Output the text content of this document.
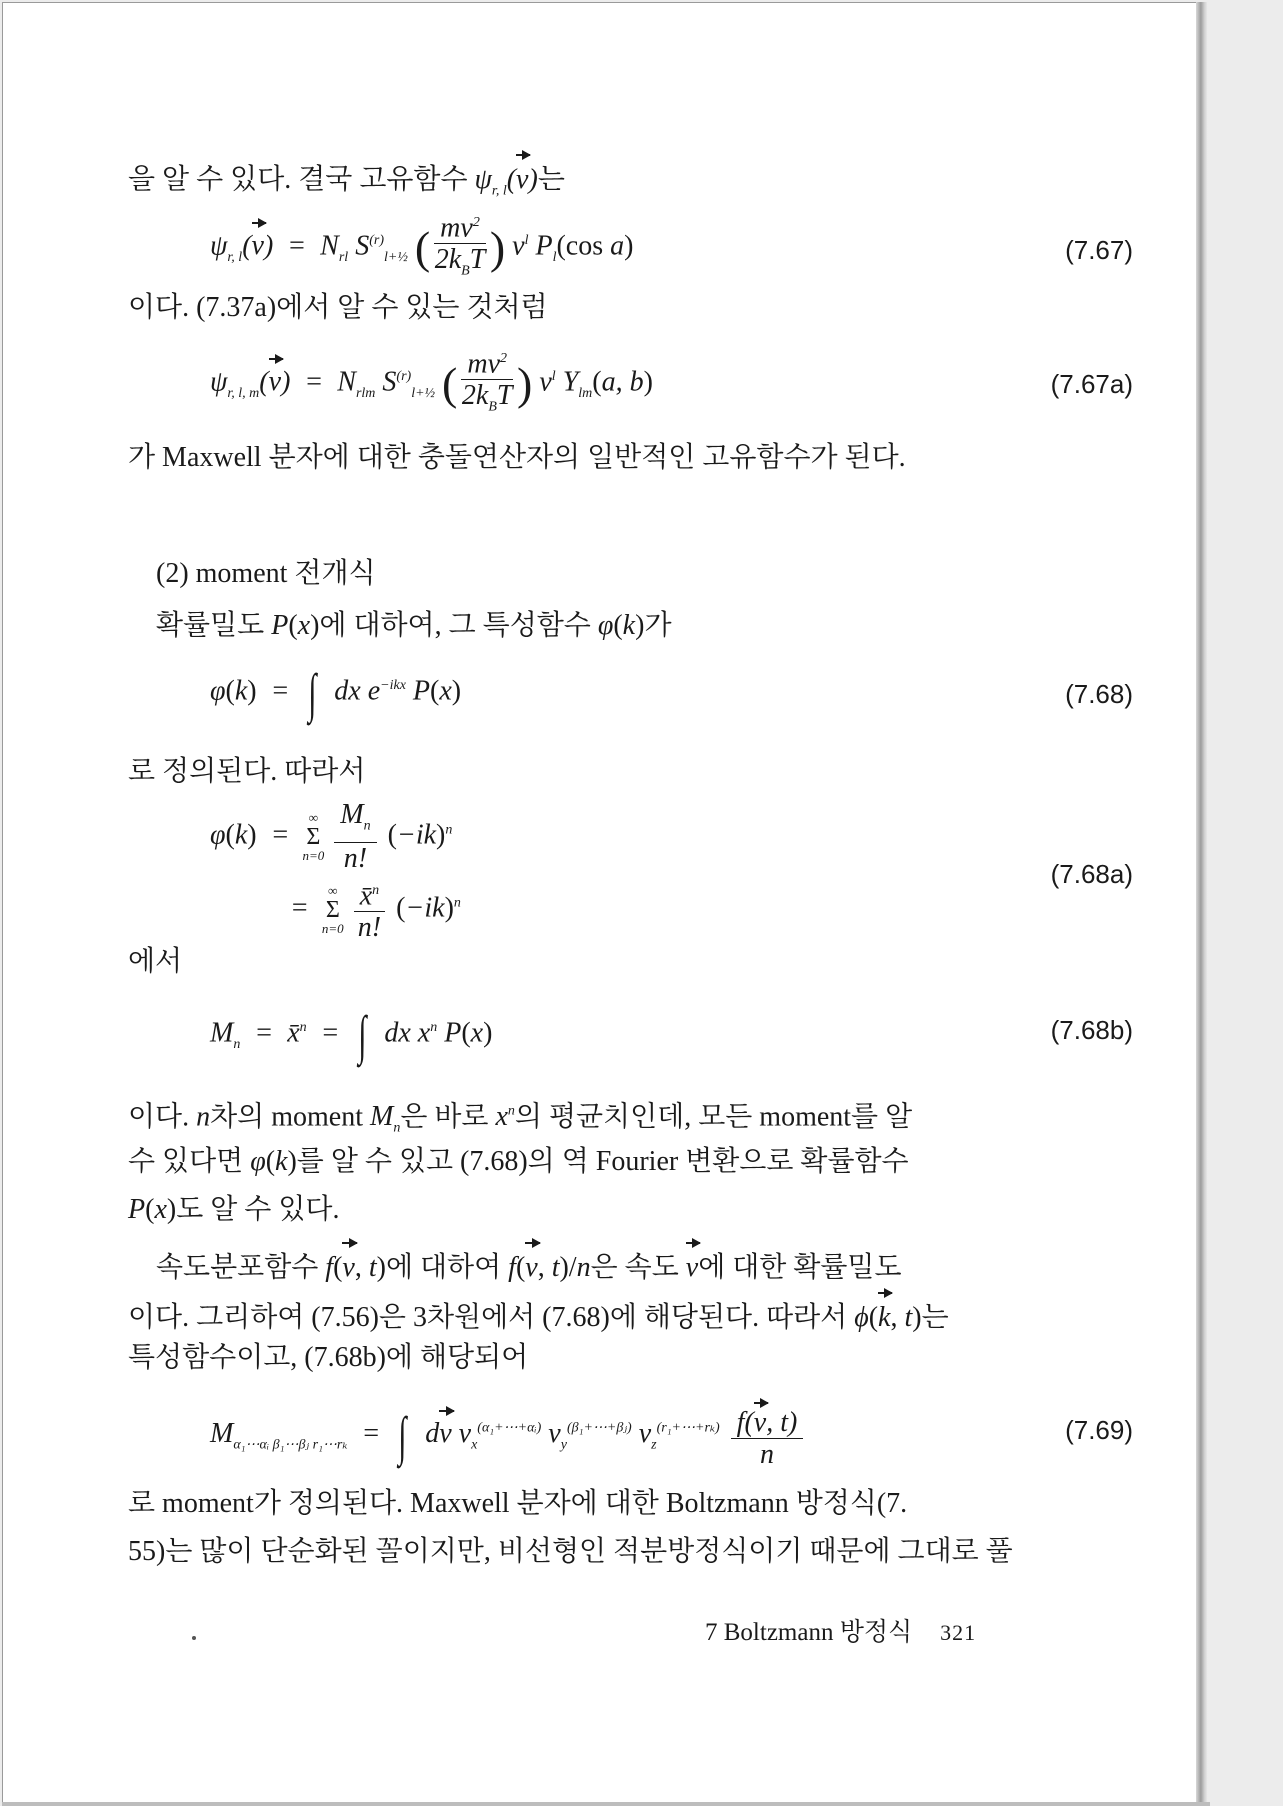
을 알 수 있다. 결국 고유함수 $\psi_{r, l}(v)$는
$\psi_{r, l}(v) = N_{rl}$ $S^{(r)}_{l+\frac{1}{2}}$ ( $\frac{mv^2}{2k_BT}$ ) $v^l$ $P_l(\cos$ a)	(7.67)
이다. (7.37a)에서 알 수 있는 것처럼
$\psi_{r, l, m}(v) = N_{rlm}$ $S^{(r)}_{l+\frac{1}{2}}$ ( $\frac{mv^2}{2k_BT}$ ) $v^l$ $Y_{lm}(a$, b)	(7.67a)
가 Maxwell 분자에 대한 충돌연산자의 일반적인 고유함수가 된다.
(2) moment 전개식
확률밀도 P(x)에 대하여, 그 특성함수 φ(k)가
φ(k)  = ∫ dx $e^{-ikx}$ P(x)	(7.68)
로 정의된다. 따라서
φ(k)  =
∞
Σ
$n=0 \frac{M_n}{n!} (-ik)^n$
=
∞
Σ
$n=0 \frac{x̄^n}{n!} (-ik)^n$
(7.68a)
에서
$M_n$  =  x̄$^n$  = ∫ dx $x^n$ P(x)	(7.68b)
이다. n차의 moment $M_n$은 바로 $x^n$의 평균치인데, 모든 moment를 알
수 있다면 φ(k)를 알 수 있고 (7.68)의 역 Fourier 변환으로 확률함수
P(x)도 알 수 있다.
속도분포함수 f(v, t)에 대하여 f(v, t)/n은 속도 v에 대한 확률밀도
이다. 그리하여 (7.56)은 3차원에서 (7.68)에 해당된다. 따라서 ϕ(k, t)는
특성함수이고, (7.68b)에 해당되어
$M_{\alpha_1\cdots\alpha ᵢ \beta_1\cdots\beta ⱼ r_1\cdots r_k}$  = ∫ dv $v_x^{(\alpha_1+\cdots+\alpha ᵢ)}$ $v_y^{(\beta_1+\cdots+\beta ⱼ)}$ $v_z^{(r_1+\cdots+r_k)} \frac{f(v, t)}{n}$	(7.69)
로 moment가 정의된다. Maxwell 분자에 대한 Boltzmann 방정식(7.
55)는 많이 단순화된 꼴이지만, 비선형인 적분방정식이기 때문에 그대로 풀
7 Boltzmann 방정식 321
